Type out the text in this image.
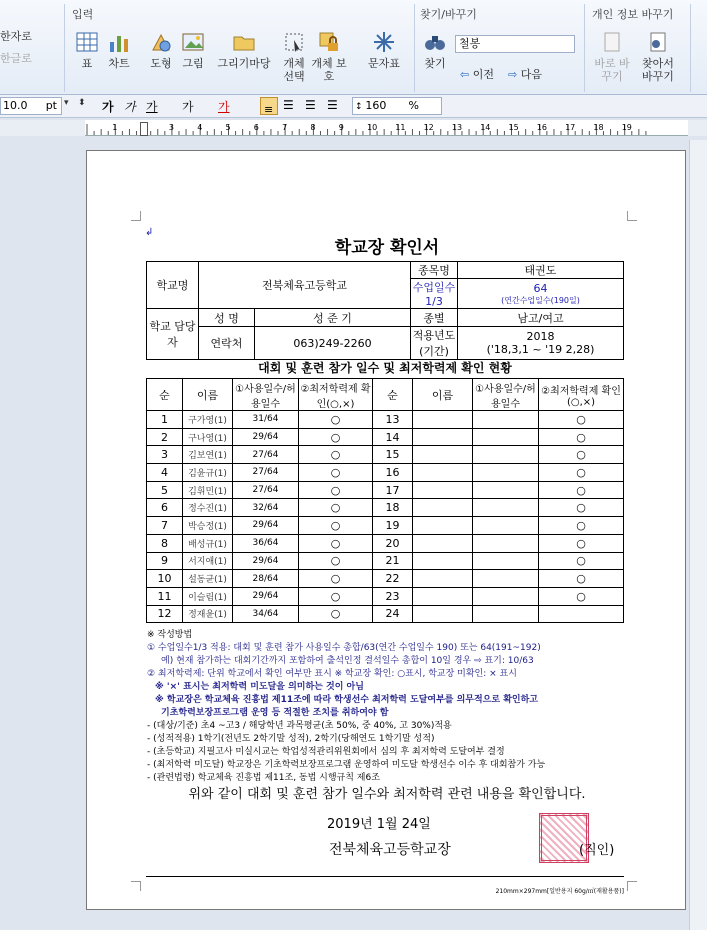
한자로
한글로
입력
표	차트	도형 그림	그리기마당	개체 선택
개체 보호
문자표
찾기/바꾸기
찾기
철봉
⇦ 이전 ⇨ 다음
개인 정보 바꾸기
바로 바꾸기
찾아서 바꾸기
10.0 pt ▾ ⬍ 가 가 가 가 가	≡ ☰ ☰ ☰	↕ 160 %
1	3	4	5	6	7	8	9	10 11 12 13 14 15 16 17 18 19
↲
학교장 확인서
학교명	전북체육고등학교		종목명	태권도
			수업일수 1/3	64
(연간수업일수(190일)

학교 담당자	성 명	성 준 기	종별	남고/여고
	연락처	063)249-2260	적용년도 (기간)	2018
('18,3,1 ~ '19 2,28)
대회 및 훈련 참가 일수 및 최저학력제 확인 현황
순	이름	①사용일수/허용일수	②최저학력제 확인(○,×)	순	이름	①사용일수/허용일수	②최저학력제 확인(○,×)
1	구가영(1)	31/64	○	13			○
2	구나영(1)	29/64	○	14			○
3	김보연(1)	27/64	○	15			○
4	김윤규(1)	27/64	○	16			○
5	김휘민(1)	27/64	○	17			○
6	정수진(1)	32/64	○	18			○
7	박승정(1)	29/64	○	19			○
8	배성규(1)	36/64	○	20			○
9	서지애(1)	29/64	○	21			○
10	설동균(1)	28/64	○	22			○
11	이슬림(1)	29/64	○	23			○
12	정재윤(1)	34/64	○	24			
※ 작성방법
① 수업일수1/3 적용: 대회 및 훈련 참가 사용일수 총합/63(연간 수업일수 190) 또는 64(191~192)
예) 현재 참가하는 대회기간까지 포함하여 출석인정 결석일수 총합이 10일 경우 ⇨ 표기: 10/63
② 최저학력제: 단위 학교에서 확인 여부만 표시 ※ 학교장 확인: ○표시, 학교장 미확인: × 표시
※ '×' 표시는 최저학력 미도달을 의미하는 것이 아님
※ 학교장은 학교체육 진흥법 제11조에 따라 학생선수 최저학력 도달여부를 의무적으로 확인하고
기초학력보장프로그램 운영 등 적절한 조치를 취하여야 함
- (대상/기준) 초4 ~고3 / 해당학년 과목평균(초 50%, 중 40%, 고 30%)적용
- (성적적용) 1학기(전년도 2학기말 성적), 2학기(당해연도 1학기말 성적)
- (초등학교) 지필고사 미실시교는 학업성적관리위원회에서 심의 후 최저학력 도달여부 결정
- (최저학력 미도달) 학교장은 기초학력보장프로그램 운영하여 미도달 학생선수 이수 후 대회참가 가능
- (관련법령) 학교체육 진흥법 제11조, 동법 시행규칙 제6조
위와 같이 대회 및 훈련 참가 일수와 최저학력 관련 내용을 확인합니다.
2019년 1월 24일
전북체육고등학교장	(직인)
210mm×297mm[일반용지 60g/㎡(재활용품)]
